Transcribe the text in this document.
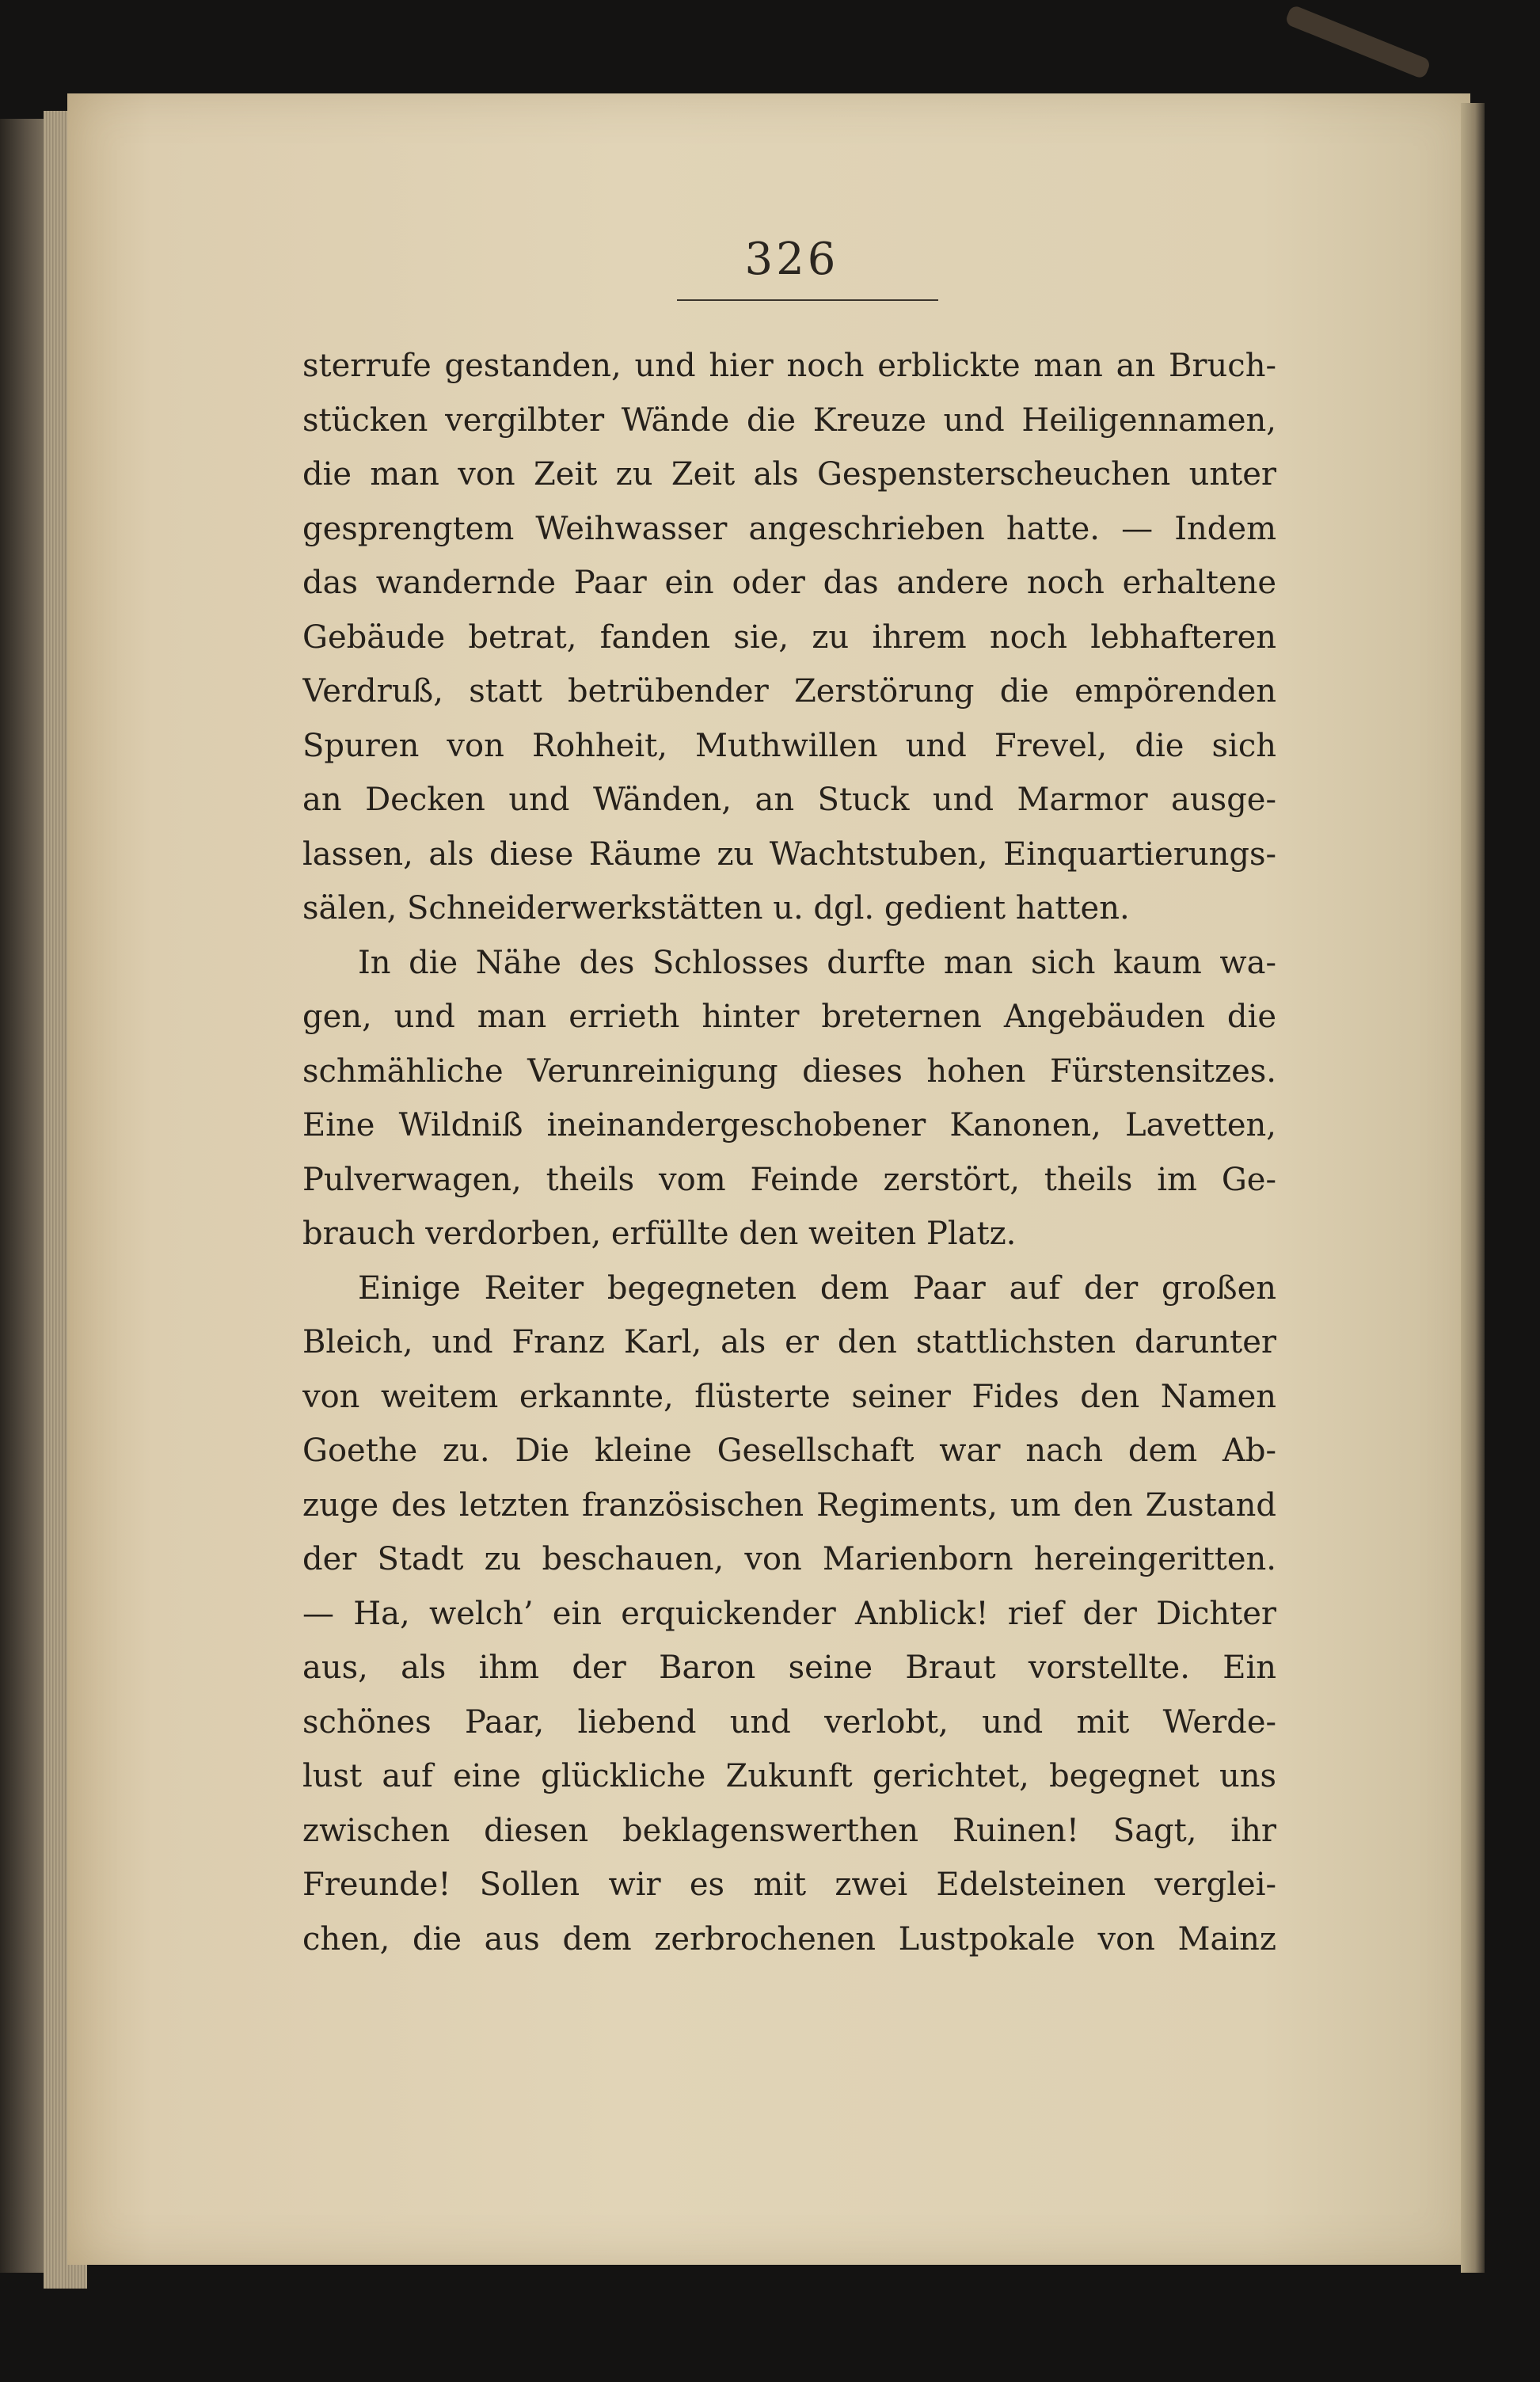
326
sterrufe gestanden, und hier noch erblickte man an Bruch-
stücken vergilbter Wände die Kreuze und Heiligennamen,
die man von Zeit zu Zeit als Gespensterscheuchen unter
gesprengtem Weihwasser angeschrieben hatte. — Indem
das wandernde Paar ein oder das andere noch erhaltene
Gebäude betrat, fanden sie, zu ihrem noch lebhafteren
Verdruß, statt betrübender Zerstörung die empörenden
Spuren von Rohheit, Muthwillen und Frevel, die sich
an Decken und Wänden, an Stuck und Marmor ausge-
lassen, als diese Räume zu Wachtstuben, Einquartierungs-
sälen, Schneiderwerkstätten u. dgl. gedient hatten.
In die Nähe des Schlosses durfte man sich kaum wa-
gen, und man errieth hinter breternen Angebäuden die
schmähliche Verunreinigung dieses hohen Fürstensitzes.
Eine Wildniß ineinandergeschobener Kanonen, Lavetten,
Pulverwagen, theils vom Feinde zerstört, theils im Ge-
brauch verdorben, erfüllte den weiten Platz.
Einige Reiter begegneten dem Paar auf der großen
Bleich, und Franz Karl, als er den stattlichsten darunter
von weitem erkannte, flüsterte seiner Fides den Namen
Goethe zu. Die kleine Gesellschaft war nach dem Ab-
zuge des letzten französischen Regiments, um den Zustand
der Stadt zu beschauen, von Marienborn hereingeritten.
— Ha, welch’ ein erquickender Anblick! rief der Dichter
aus, als ihm der Baron seine Braut vorstellte. Ein
schönes Paar, liebend und verlobt, und mit Werde-
lust auf eine glückliche Zukunft gerichtet, begegnet uns
zwischen diesen beklagenswerthen Ruinen! Sagt, ihr
Freunde! Sollen wir es mit zwei Edelsteinen verglei-
chen, die aus dem zerbrochenen Lustpokale von Mainz
